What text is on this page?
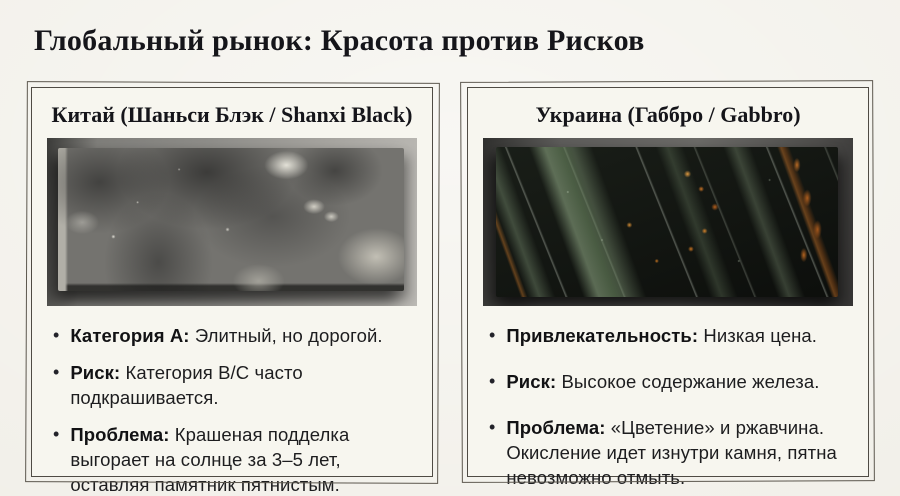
Глобальный рынок: Красота против Рисков
Китай (Шаньси Блэк / Shanxi Black)
• Категория A: Элитный, но дорогой.
• Риск: Категория B/C часто подкрашивается.
• Проблема: Крашеная подделка выгорает на солнце за 3–5 лет, оставляя памятник пятнистым.
Украина (Габбро / Gabbro)
• Привлекательность: Низкая цена.
• Риск: Высокое содержание железа.
• Проблема: «Цветение» и ржавчина. Окисление идет изнутри камня, пятна невозможно отмыть.
